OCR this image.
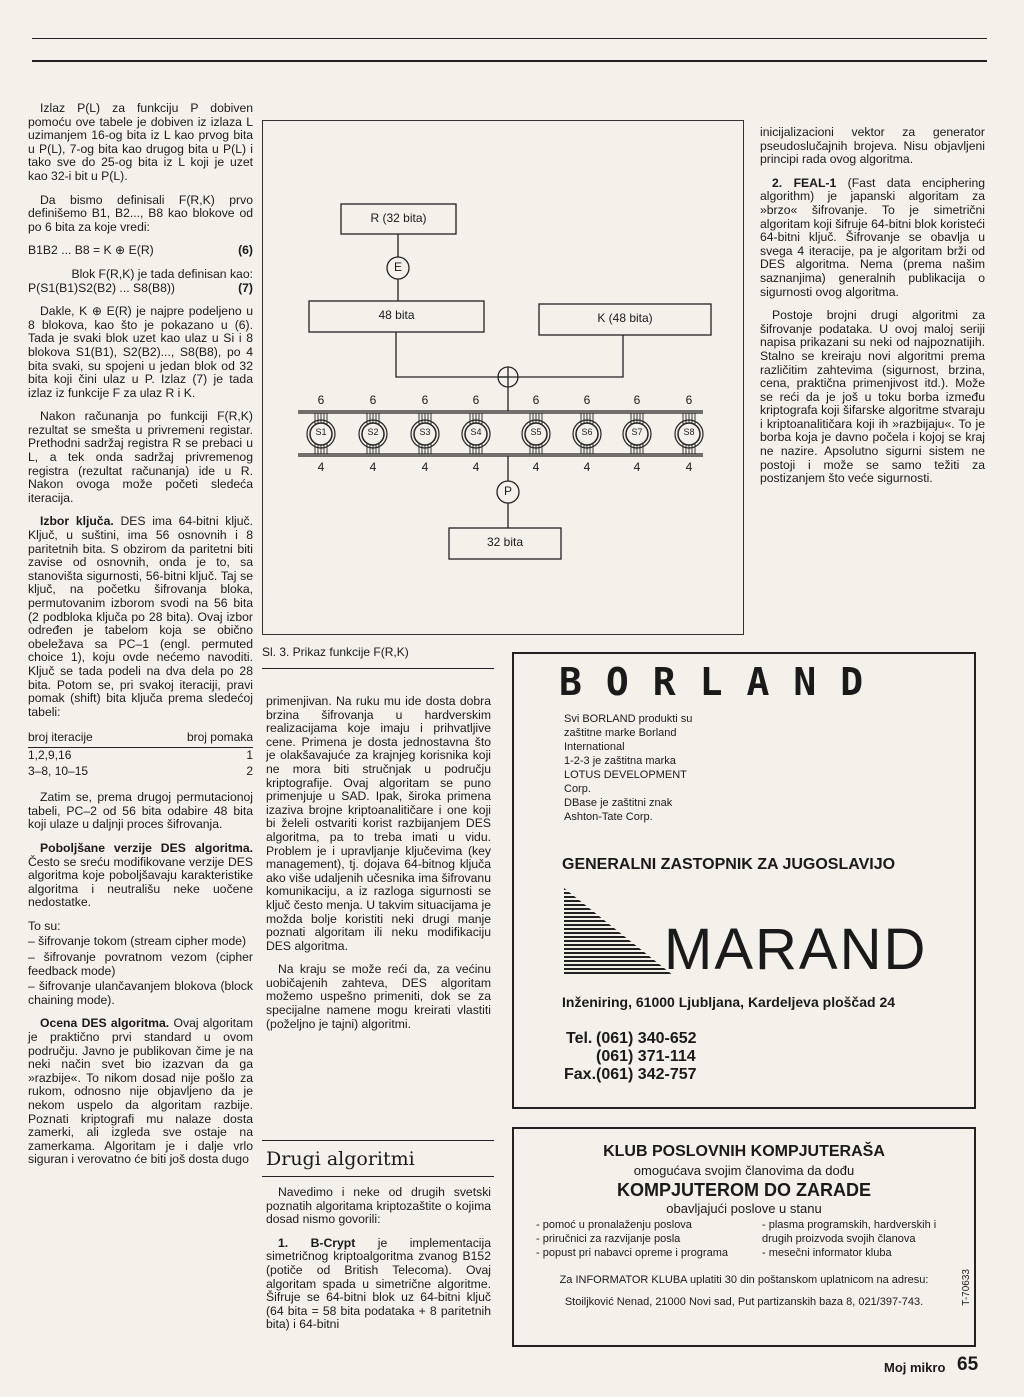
Izlaz P(L) za funkciju P dobiven pomoću ove tabele je dobiven iz izlaza L uzimanjem 16-og bita iz L kao prvog bita u P(L), 7-og bita kao drugog bita u P(L) i tako sve do 25-og bita iz L koji je uzet kao 32-i bit u P(L).

Da bismo definisali F(R,K) prvo definišemo B1, B2..., B8 kao blokove od po 6 bita za koje vredi:

B1B2 ... B8 = K ⊕ E(R)	(6)

Blok F(R,K) je tada definisan kao:

P(S1(B1)S2(B2) ... S8(B8))	(7)

Dakle, K ⊕ E(R) je najpre podeljeno u 8 blokova, kao što je pokazano u (6). Tada je svaki blok uzet kao ulaz u Si i 8 blokova S1(B1), S2(B2)..., S8(B8), po 4 bita svaki, su spojeni u jedan blok od 32 bita koji čini ulaz u P. Izlaz (7) je tada izlaz iz funkcije F za ulaz R i K.

Nakon računanja po funkciji F(R,K) rezultat se smešta u privremeni registar. Prethodni sadržaj registra R se prebaci u L, a tek onda sadržaj privremenog registra (rezultat računanja) ide u R. Nakon ovoga može početi sledeća iteracija.

Izbor ključa. DES ima 64-bitni ključ. Ključ, u suštini, ima 56 osnovnih i 8 paritetnih bita. S obzirom da paritetni biti zavise od osnovnih, onda je to, sa stanovišta sigurnosti, 56-bitni ključ. Taj se ključ, na početku šifrovanja bloka, permutovanim izborom svodi na 56 bita (2 podbloka ključa po 28 bita). Ovaj izbor određen je tabelom koja se obično obeležava sa PC–1 (engl. permuted choice 1), koju ovde nećemo navoditi. Ključ se tada podeli na dva dela po 28 bita. Potom se, pri svakoj iteraciji, pravi pomak (shift) bita ključa prema sledećoj tabeli:

broj iteracije	broj pomaka
1,2,9,16	1
3–8, 10–15	2

Zatim se, prema drugoj permutacionoj tabeli, PC–2 od 56 bita odabire 48 bita koji ulaze u daljnji proces šifrovanja.

Poboljšane verzije DES algoritma. Često se sreću modifikovane verzije DES algoritma koje poboljšavaju karakteristike algoritma i neutrališu neke uočene nedostatke.

To su:

– šifrovanje tokom (stream cipher mode)
– šifrovanje povratnom vezom (cipher feedback mode)
– šifrovanje ulančavanjem blokova (block chaining mode).

Ocena DES algoritma. Ovaj algoritam je praktično prvi standard u ovom području. Javno je publikovan čime je na neki način svet bio izazvan da ga »razbije«. To nikom dosad nije pošlo za rukom, odnosno nije objavljeno da je nekom uspelo da algoritam razbije. Poznati kriptografi mu nalaze dosta zamerki, ali izgleda sve ostaje na zamerkama. Algoritam je i dalje vrlo siguran i verovatno će biti još dosta dugo

R (32 bita)
E
48 bita	K (48 bita)
P
32 bita
6
S1
4
6
S2
4
6
S3
4
6
S4
4
6
S5
4
6
S6
4
6
S7
4
6
S8
4
Sl. 3. Prikaz funkcije F(R,K)

primenjivan. Na ruku mu ide dosta dobra brzina šifrovanja u hardverskim realizacijama koje imaju i prihvatljive cene. Primena je dosta jednostavna što je olakšavajuće za krajnjeg korisnika koji ne mora biti stručnjak u području kriptografije. Ovaj algoritam se puno primenjuje u SAD. Ipak, široka primena izaziva brojne kriptoanalitičare i one koji bi želeli ostvariti korist razbijanjem DES algoritma, pa to treba imati u vidu. Problem je i upravljanje ključevima (key management), tj. dojava 64-bitnog ključa ako više udaljenih učesnika ima šifrovanu komunikaciju, a iz razloga sigurnosti se ključ često menja. U takvim situacijama je možda bolje koristiti neki drugi manje poznati algoritam ili neku modifikaciju DES algoritma.

Na kraju se može reći da, za većinu uobičajenih zahteva, DES algoritam možemo uspešno primeniti, dok se za specijalne namene mogu kreirati vlastiti (poželjno je tajni) algoritmi.

Drugi algoritmi

Navedimo i neke od drugih svetski poznatih algoritama kriptozaštite o kojima dosad nismo govorili:

1. B-Crypt je implementacija simetričnog kriptoalgoritma zvanog B152 (potiče od British Telecoma). Ovaj algoritam spada u simetrične algoritme. Šifruje se 64-bitni blok uz 64-bitni ključ (64 bita = 58 bita podataka + 8 paritetnih bita) i 64-bitni

inicijalizacioni vektor za generator pseudoslučajnih brojeva. Nisu objavljeni principi rada ovog algoritma.

2. FEAL-1 (Fast data enciphering algorithm) je japanski algoritam za »brzo« šifrovanje. To je simetrični algoritam koji šifruje 64-bitni blok koristeći 64-bitni ključ. Šifrovanje se obavlja u svega 4 iteracije, pa je algoritam brži od DES algoritma. Nema (prema našim saznanjima) generalnih publikacija o sigurnosti ovog algoritma.

Postoje brojni drugi algoritmi za šifrovanje podataka. U ovoj maloj seriji napisa prikazani su neki od najpoznatijih. Stalno se kreiraju novi algoritmi prema različitim zahtevima (sigurnost, brzina, cena, praktična primenjivost itd.). Može se reći da je još u toku borba između kriptografa koji šifarske algoritme stvaraju i kriptoanalitičara koji ih »razbijaju«. To je borba koja je davno počela i kojoj se kraj ne nazire. Apsolutno sigurni sistem ne postoji i može se samo težiti za postizanjem što veće sigurnosti.

BORLAND
Svi BORLAND produkti su
zaštitne marke Borland
International
1-2-3 je zaštitna marka
LOTUS DEVELOPMENT
Corp.
DBase je zaštitni znak
Ashton-Tate Corp.
GENERALNI ZASTOPNIK ZA JUGOSLAVIJO
MARAND
Inženiring, 61000 Ljubljana, Kardeljeva ploščad 24
Tel. (061) 340-652
(061) 371-114
Fax. (061) 342-757
KLUB POSLOVNIH KOMPJUTERAŠA
omogućava svojim članovima da dođu
KOMPJUTEROM DO ZARADE
obavljajući poslove u stanu
- pomoć u pronalaženju poslova
- priručnici za razvijanje posla
- popust pri nabavci opreme i programa
- plasma programskih, hardverskih i drugih proizvoda svojih članova
- mesečni informator kluba
Za INFORMATOR KLUBA uplatiti 30 din poštanskom uplatnicom na adresu:
Stoiljković Nenad, 21000 Novi sad, Put partizanskih baza 8, 021/397-743.	T-70633
Moj mikro 65
